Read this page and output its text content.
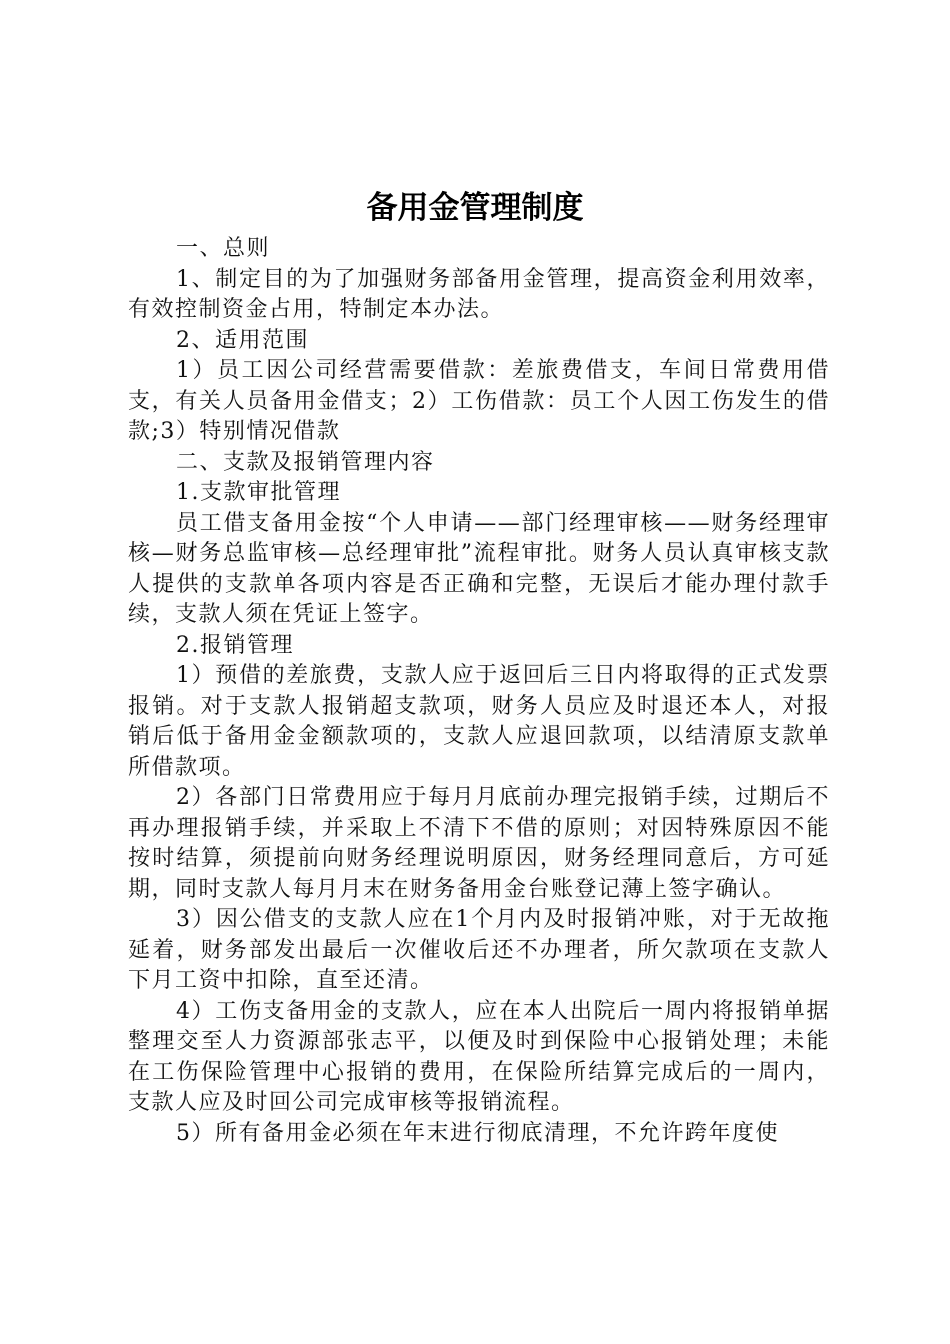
备用金管理制度

一、总则

1、制定目的为了加强财务部备用金管理，提高资金利用效率，有效控制资金占用，特制定本办法。

2、适用范围

1）员工因公司经营需要借款：差旅费借支，车间日常费用借支，有关人员备用金借支；2）工伤借款：员工个人因工伤发生的借款;3）特别情况借款

二、支款及报销管理内容

1.支款审批管理

员工借支备用金按“个人申请——部门经理审核——财务经理审核—财务总监审核—总经理审批”流程审批。财务人员认真审核支款人提供的支款单各项内容是否正确和完整，无误后才能办理付款手续，支款人须在凭证上签字。

2.报销管理

1）预借的差旅费，支款人应于返回后三日内将取得的正式发票报销。对于支款人报销超支款项，财务人员应及时退还本人，对报销后低于备用金金额款项的，支款人应退回款项，以结清原支款单所借款项。

2）各部门日常费用应于每月月底前办理完报销手续，过期后不再办理报销手续，并采取上不清下不借的原则；对因特殊原因不能按时结算，须提前向财务经理说明原因，财务经理同意后，方可延期，同时支款人每月月末在财务备用金台账登记薄上签字确认。

3）因公借支的支款人应在1个月内及时报销冲账，对于无故拖延着，财务部发出最后一次催收后还不办理者，所欠款项在支款人下月工资中扣除，直至还清。

4）工伤支备用金的支款人，应在本人出院后一周内将报销单据整理交至人力资源部张志平，以便及时到保险中心报销处理；未能在工伤保险管理中心报销的费用，在保险所结算完成后的一周内，支款人应及时回公司完成审核等报销流程。

5）所有备用金必须在年末进行彻底清理，不允许跨年度使
